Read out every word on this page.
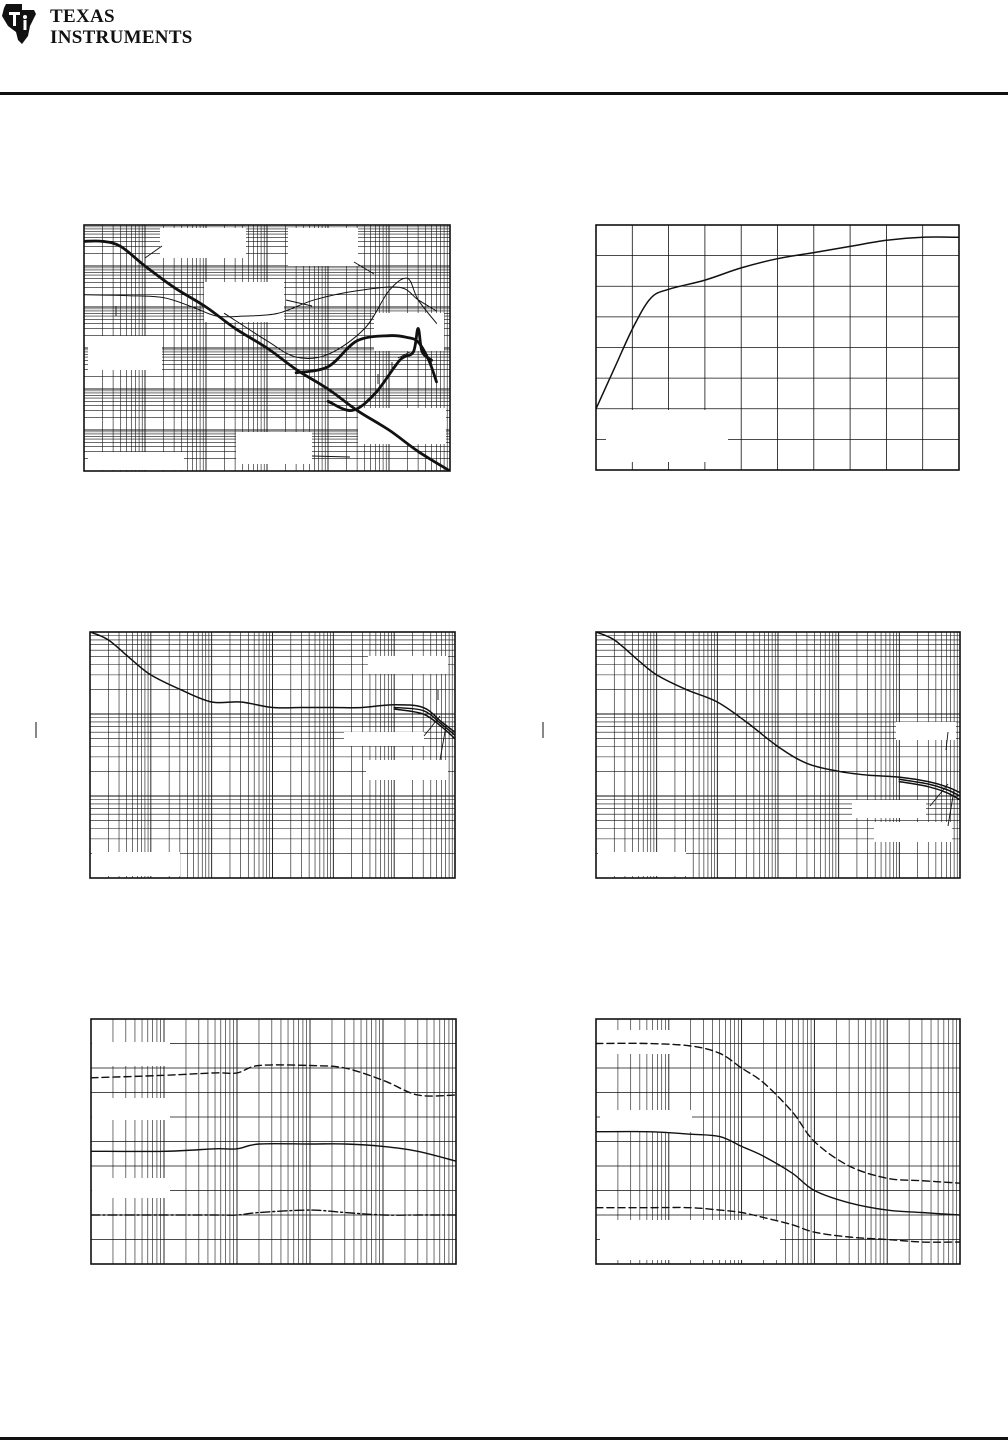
TEXAS
INSTRUMENTS
